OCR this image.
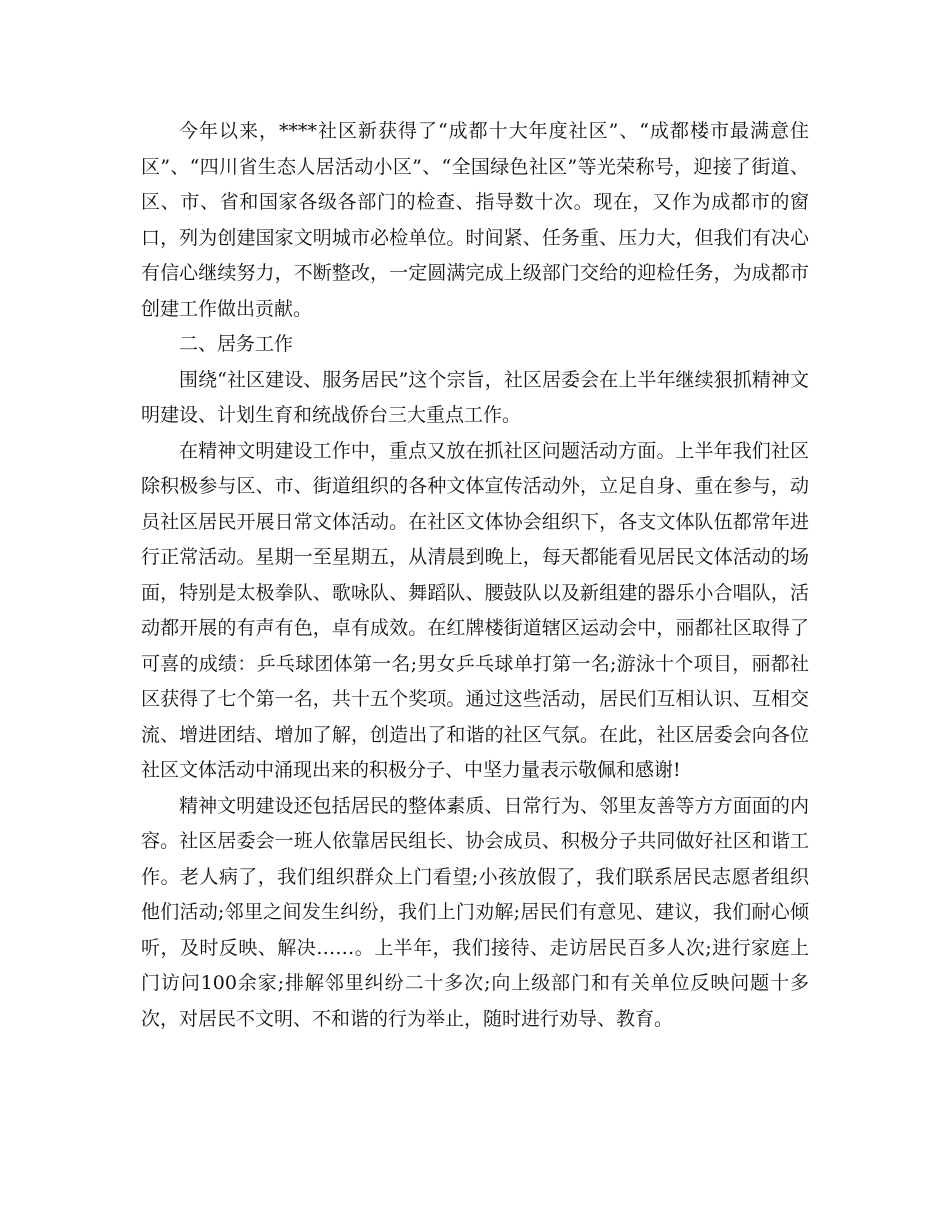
今年以来，****社区新获得了“成都十大年度社区”、“成都楼市最满意住区”、“四川省生态人居活动小区”、“全国绿色社区”等光荣称号，迎接了街道、区、市、省和国家各级各部门的检查、指导数十次。现在，又作为成都市的窗口，列为创建国家文明城市必检单位。时间紧、任务重、压力大，但我们有决心有信心继续努力，不断整改，一定圆满完成上级部门交给的迎检任务，为成都市创建工作做出贡献。

二、居务工作

围绕“社区建设、服务居民”这个宗旨，社区居委会在上半年继续狠抓精神文明建设、计划生育和统战侨台三大重点工作。

在精神文明建设工作中，重点又放在抓社区问题活动方面。上半年我们社区除积极参与区、市、街道组织的各种文体宣传活动外，立足自身、重在参与，动员社区居民开展日常文体活动。在社区文体协会组织下，各支文体队伍都常年进行正常活动。星期一至星期五，从清晨到晚上，每天都能看见居民文体活动的场面，特别是太极拳队、歌咏队、舞蹈队、腰鼓队以及新组建的器乐小合唱队，活动都开展的有声有色，卓有成效。在红牌楼街道辖区运动会中，丽都社区取得了可喜的成绩：乒乓球团体第一名;男女乒乓球单打第一名;游泳十个项目，丽都社区获得了七个第一名，共十五个奖项。通过这些活动，居民们互相认识、互相交流、增进团结、增加了解，创造出了和谐的社区气氛。在此，社区居委会向各位社区文体活动中涌现出来的积极分子、中坚力量表示敬佩和感谢!

精神文明建设还包括居民的整体素质、日常行为、邻里友善等方方面面的内容。社区居委会一班人依靠居民组长、协会成员、积极分子共同做好社区和谐工作。老人病了，我们组织群众上门看望;小孩放假了，我们联系居民志愿者组织他们活动;邻里之间发生纠纷，我们上门劝解;居民们有意见、建议，我们耐心倾听，及时反映、解决……。上半年，我们接待、走访居民百多人次;进行家庭上门访问100余家;排解邻里纠纷二十多次;向上级部门和有关单位反映问题十多次，对居民不文明、不和谐的行为举止，随时进行劝导、教育。
